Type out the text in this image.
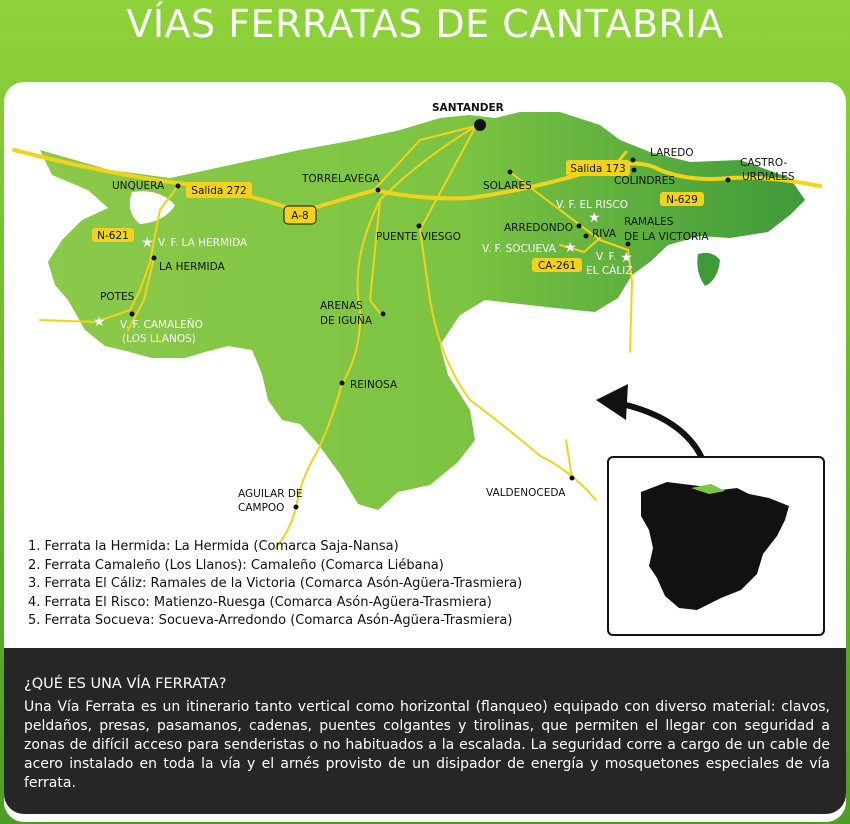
VÍAS FERRATAS DE CANTABRIA
Salida 272
A-8
Salida 173
N-629
N-621
CA-261
★
★
★
★
★
SANTANDER
LAREDO
CASTRO-
URDIALES
COLINDRES
SOLARES
TORRELAVEGA
UNQUERA
ARREDONDO RIVA
RAMALES
DE LA VICTORIA
PUENTE VIESGO
LA HERMIDA
POTES
ARENAS
DE IGUÑA
REINOSA
AGUILAR DE
CAMPOO
VALDENOCEDA
V. F. LA HERMIDA
V. F. CAMALEÑO
(LOS LLANOS)
V. F. EL RISCO
V. F. SOCUEVA
V. F.
EL CÁLIZ
1. Ferrata la Hermida: La Hermida (Comarca Saja-Nansa)
2. Ferrata Camaleño (Los Llanos): Camaleño (Comarca Liébana)
3. Ferrata El Cáliz: Ramales de la Victoria (Comarca Asón-Agüera-Trasmiera)
4. Ferrata El Risco: Matienzo-Ruesga (Comarca Asón-Agüera-Trasmiera)
5. Ferrata Socueva: Socueva-Arredondo (Comarca Asón-Agüera-Trasmiera)
¿QUÉ ES UNA VÍA FERRATA?
Una Vía Ferrata es un itinerario tanto vertical como horizontal (flanqueo) equipado con diverso material: clavos, peldaños, presas, pasamanos, cadenas, puentes colgantes y tirolinas, que permiten el llegar con seguridad a zonas de difícil acceso para senderistas o no habituados a la escalada. La seguridad corre a cargo de un cable de acero instalado en toda la vía y el arnés provisto de un disipador de energía y mosquetones especiales de vía ferrata.
